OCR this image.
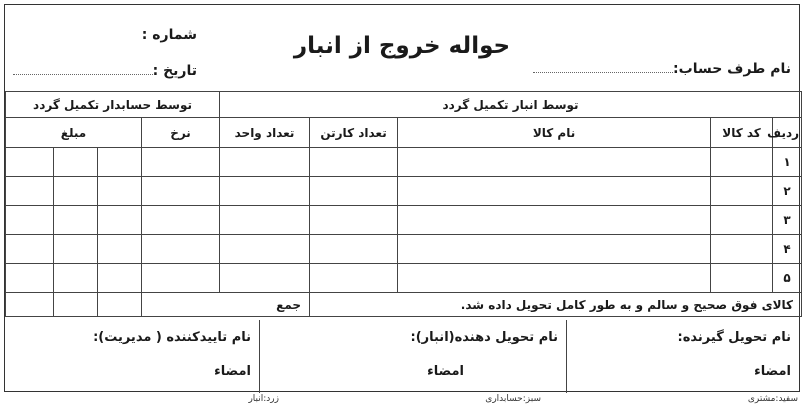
حواله خروج از انبار
نام طرف حساب:
شماره :
تاریخ :
توسط انبار تکمیل گردد					توسط حسابدار تکمیل گردد			
ردیف	کد کالا	نام کالا	تعداد کارتن	تعداد واحد	نرخ	مبلغ		
۱								
۲								
۳								
۴								
۵								
کالای فوق صحیح و سالم و به طور کامل تحویل داده شد.				جمع				
نام تحویل گیرنده:
امضاء
نام تحویل دهنده(انبار):
امضاء
نام تاییدکننده ( مدیریت):
امضاء
سفید:مشتری
سبز:حسابداری
زرد:انبار
